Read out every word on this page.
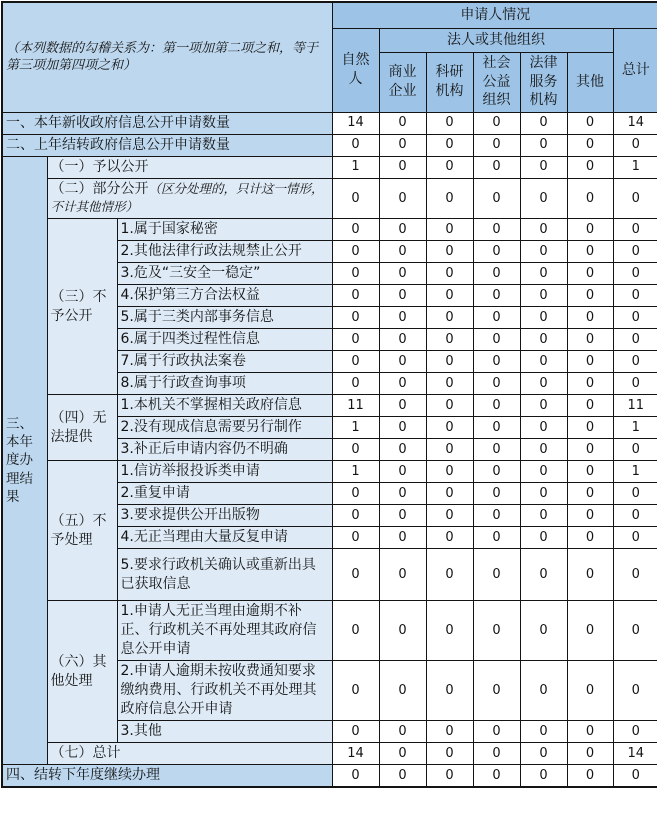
（本列数据的勾稽关系为：第一项加第二项之和，等于第三项加第四项之和）			申请人情况						
			自然人	法人或其他组织					总计
				商业企业	科研机构	社会公益组织	法律服务机构	其他	
一、本年新收政府信息公开申请数量			14	0	0	0	0	0	14
二、上年结转政府信息公开申请数量			0	0	0	0	0	0	0
三、本年度办理结果	（一）予以公开		1	0	0	0	0	0	1
	（二）部分公开（区分处理的，只计这一情形，不计其他情形）		0	0	0	0	0	0	0
	（三）不予公开	1.属于国家秘密	0	0	0	0	0	0	0
		2.其他法律行政法规禁止公开	0	0	0	0	0	0	0
		3.危及“三安全一稳定”	0	0	0	0	0	0	0
		4.保护第三方合法权益	0	0	0	0	0	0	0
		5.属于三类内部事务信息	0	0	0	0	0	0	0
		6.属于四类过程性信息	0	0	0	0	0	0	0
		7.属于行政执法案卷	0	0	0	0	0	0	0
		8.属于行政查询事项	0	0	0	0	0	0	0
	（四）无法提供	1.本机关不掌握相关政府信息	11	0	0	0	0	0	11
		2.没有现成信息需要另行制作	1	0	0	0	0	0	1
		3.补正后申请内容仍不明确	0	0	0	0	0	0	0
	（五）不予处理	1.信访举报投诉类申请	1	0	0	0	0	0	1
		2.重复申请	0	0	0	0	0	0	0
		3.要求提供公开出版物	0	0	0	0	0	0	0
		4.无正当理由大量反复申请	0	0	0	0	0	0	0
		5.要求行政机关确认或重新出具已获取信息	0	0	0	0	0	0	0
	（六）其他处理	1.申请人无正当理由逾期不补正、行政机关不再处理其政府信息公开申请	0	0	0	0	0	0	0
		2.申请人逾期未按收费通知要求缴纳费用、行政机关不再处理其政府信息公开申请	0	0	0	0	0	0	0
		3.其他	0	0	0	0	0	0	0
	（七）总计		14	0	0	0	0	0	14
四、结转下年度继续办理			0	0	0	0	0	0	0
